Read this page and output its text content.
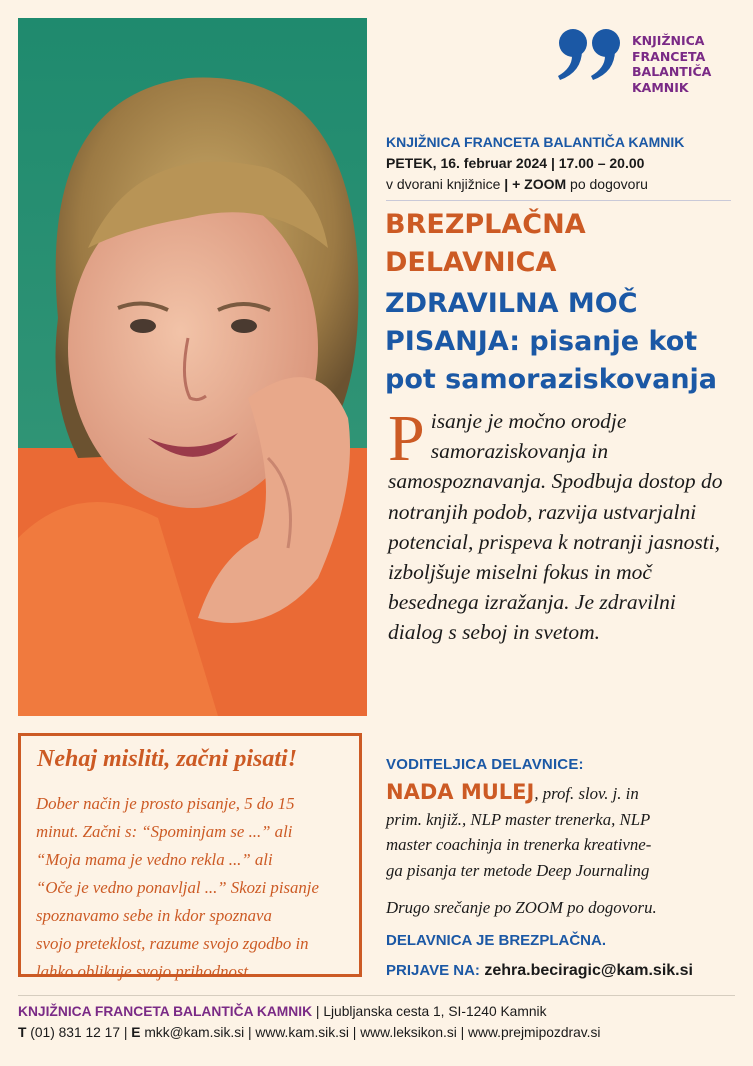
KNJIŽNICA
FRANCETA
BALANTIČA
KAMNIK
KNJIŽNICA FRANCETA BALANTIČA KAMNIK
PETEK, 16. februar 2024 | 17.00 – 20.00
v dvorani knjižnice | + ZOOM po dogovoru
BREZPLAČNA
DELAVNICA
ZDRAVILNA MOČ
PISANJA: pisanje kot
pot samoraziskovanja
Pisanje je močno orodje samoraziskovanja in samospoznavanja. Spodbuja dostop do notranjih podob, razvija ustvarjalni potencial, prispeva k notranji jasnosti, izboljšuje miselni fokus in moč besednega izražanja. Je zdravilni dialog s seboj in svetom.
Nehaj misliti, začni pisati!
Dober način je prosto pisanje, 5 do 15
minut. Začni s: “Spominjam se ...” ali
“Moja mama je vedno rekla ...” ali
“Oče je vedno ponavljal ...” Skozi pisanje
spoznavamo sebe in kdor spoznava
svojo preteklost, razume svojo zgodbo in
lahko oblikuje svojo prihodnost.
VODITELJICA DELAVNICE:
NADA MULEJ, prof. slov. j. in
prim. knjiž., NLP master trenerka, NLP
master coachinja in trenerka kreativne-
ga pisanja ter metode Deep Journaling
Drugo srečanje po ZOOM po dogovoru.
DELAVNICA JE BREZPLAČNA.
PRIJAVE NA: zehra.beciragic@kam.sik.si
KNJIŽNICA FRANCETA BALANTIČA KAMNIK | Ljubljanska cesta 1, SI-1240 Kamnik
T (01) 831 12 17 | E mkk@kam.sik.si | www.kam.sik.si | www.leksikon.si | www.prejmipozdrav.si
